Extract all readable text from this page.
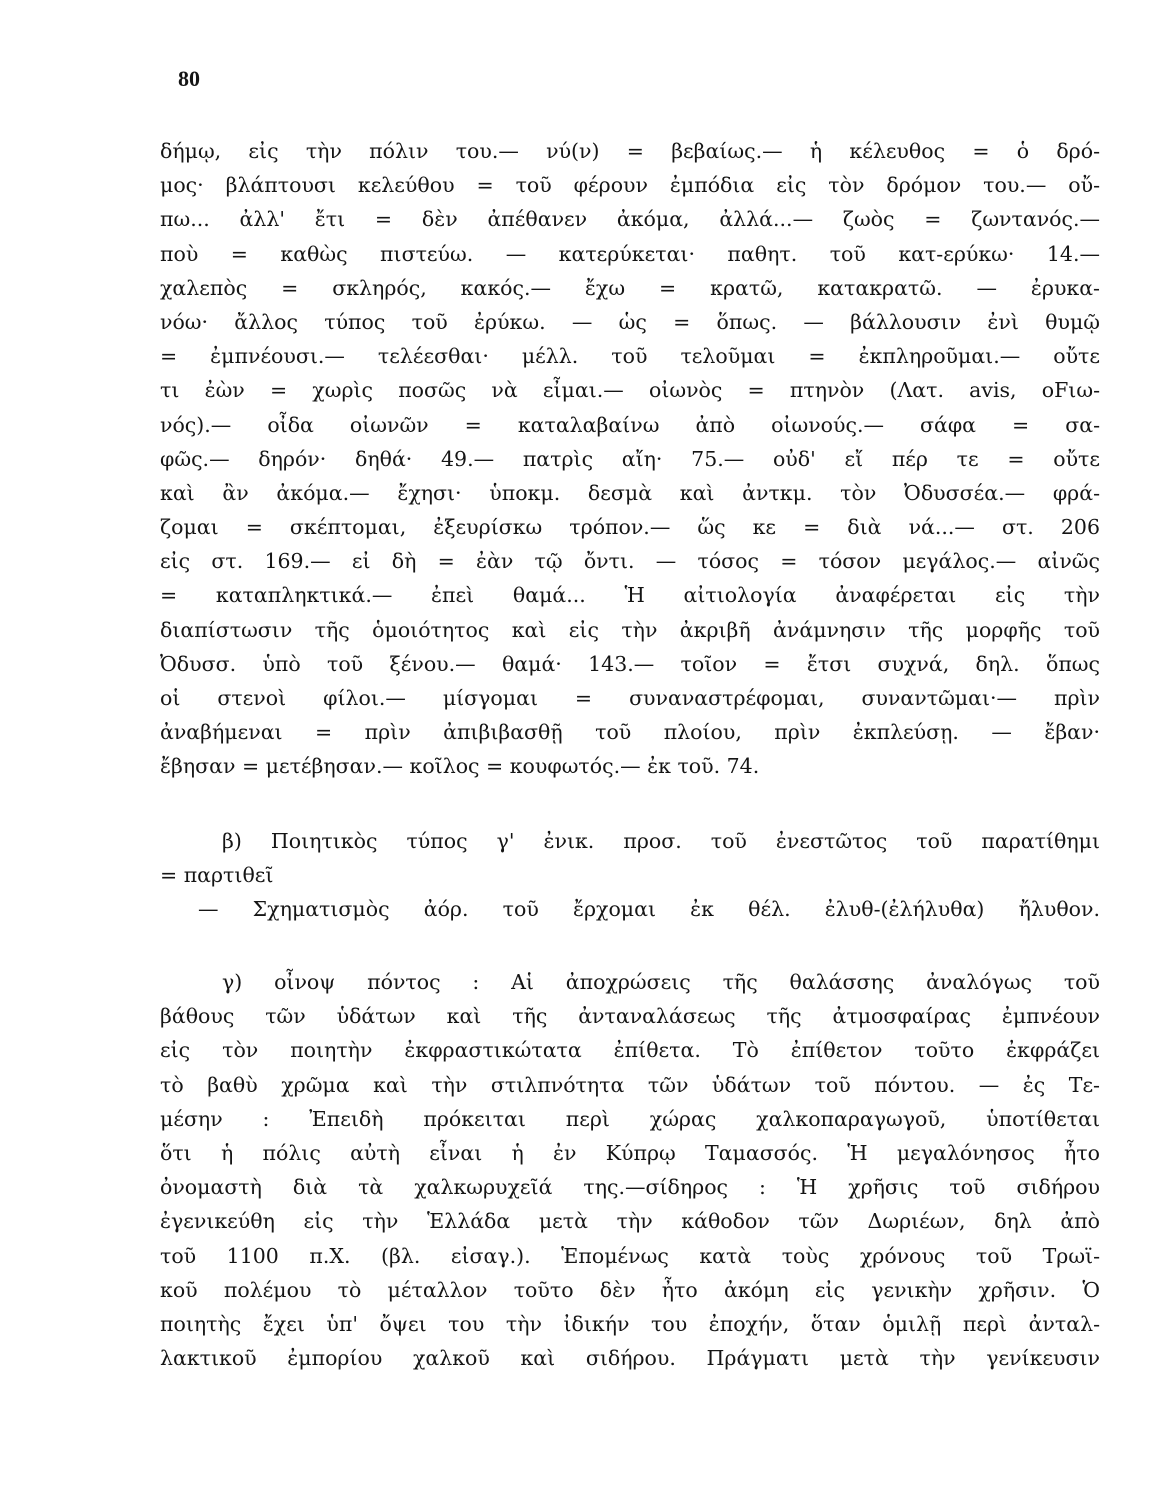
80
δήμῳ, εἰς τὴν πόλιν του.— νύ(ν) = βεβαίως.— ἡ κέλευθος = ὁ δρό-
μος· βλάπτουσι κελεύθου = τοῦ φέρουν ἐμπόδια εἰς τὸν δρόμον του.— οὔ-
πω... ἀλλ' ἔτι = δὲν ἀπέθανεν ἀκόμα, ἀλλά...— ζωὸς = ζωντανός.—
ποὺ = καθὼς πιστεύω. — κατερύκεται· παθητ. τοῦ κατ-ερύκω· 14.—
χαλεπὸς = σκληρός, κακός.— ἔχω = κρατῶ, κατακρατῶ. — ἐρυκα-
νόω· ἄλλος τύπος τοῦ ἐρύκω. — ὡς = ὅπως. — βάλλουσιν ἐνὶ θυμῷ
= ἐμπνέουσι.— τελέεσθαι· μέλλ. τοῦ τελοῦμαι = ἐκπληροῦμαι.— οὔτε
τι ἐὼν = χωρὶς ποσῶς νὰ εἶμαι.— οἰωνὸς = πτηνὸν (Λατ. avis, οFιω-
νός).— οἶδα οἰωνῶν = καταλαβαίνω ἀπὸ οἰωνούς.— σάφα = σα-
φῶς.— δηρόν· δηθά· 49.— πατρὶς αἴη· 75.— οὐδ' εἴ πέρ τε = οὔτε
καὶ ἂν ἀκόμα.— ἔχησι· ὑποκμ. δεσμὰ καὶ ἀντκμ. τὸν Ὀδυσσέα.— φρά-
ζομαι = σκέπτομαι, ἐξευρίσκω τρόπον.— ὥς κε = διὰ νά...— στ. 206
εἰς στ. 169.— εἰ δὴ = ἐὰν τῷ ὄντι. — τόσος = τόσον μεγάλος.— αἰνῶς
= καταπληκτικά.— ἐπεὶ θαμά... Ἡ αἰτιολογία ἀναφέρεται εἰς τὴν
διαπίστωσιν τῆς ὁμοιότητος καὶ εἰς τὴν ἀκριβῆ ἀνάμνησιν τῆς μορφῆς τοῦ
Ὀδυσσ. ὑπὸ τοῦ ξένου.— θαμά· 143.— τοῖον = ἔτσι συχνά, δηλ. ὅπως
οἱ στενοὶ φίλοι.— μίσγομαι = συναναστρέφομαι, συναντῶμαι·— πρὶν
ἀναβήμεναι = πρὶν ἀπιβιβασθῇ τοῦ πλοίου, πρὶν ἐκπλεύσῃ. — ἔβαν·
ἔβησαν = μετέβησαν.— κοῖλος = κουφωτός.— ἐκ τοῦ. 74.
β) Ποιητικὸς τύπος γ' ἐνικ. προσ. τοῦ ἐνεστῶτος τοῦ παρατίθημι
= παρτιθεῖ
— Σχηματισμὸς ἀόρ. τοῦ ἔρχομαι ἐκ θέλ. ἐλυθ-(ἐλήλυθα) ἤλυθον.
γ) οἶνοψ πόντος : Αἱ ἀποχρώσεις τῆς θαλάσσης ἀναλόγως τοῦ
βάθους τῶν ὑδάτων καὶ τῆς ἀνταναλάσεως τῆς ἀτμοσφαίρας ἐμπνέουν
εἰς τὸν ποιητὴν ἐκφραστικώτατα ἐπίθετα. Τὸ ἐπίθετον τοῦτο ἐκφράζει
τὸ βαθὺ χρῶμα καὶ τὴν στιλπνότητα τῶν ὑδάτων τοῦ πόντου. — ἐς Τε-
μέσην : Ἐπειδὴ πρόκειται περὶ χώρας χαλκοπαραγωγοῦ, ὑποτίθεται
ὅτι ἡ πόλις αὐτὴ εἶναι ἡ ἐν Κύπρῳ Ταμασσός. Ἡ μεγαλόνησος ἦτο
ὀνομαστὴ διὰ τὰ χαλκωρυχεῖά της.—σίδηρος : Ἡ χρῆσις τοῦ σιδήρου
ἐγενικεύθη εἰς τὴν Ἑλλάδα μετὰ τὴν κάθοδον τῶν Δωριέων, δηλ ἀπὸ
τοῦ 1100 π.Χ. (βλ. εἰσαγ.). Ἑπομένως κατὰ τοὺς χρόνους τοῦ Τρωϊ-
κοῦ πολέμου τὸ μέταλλον τοῦτο δὲν ἦτο ἀκόμη εἰς γενικὴν χρῆσιν. Ὁ
ποιητὴς ἔχει ὑπ' ὄψει του τὴν ἰδικήν του ἐποχήν, ὅταν ὁμιλῇ περὶ ἀνταλ-
λακτικοῦ ἐμπορίου χαλκοῦ καὶ σιδήρου. Πράγματι μετὰ τὴν γενίκευσιν
